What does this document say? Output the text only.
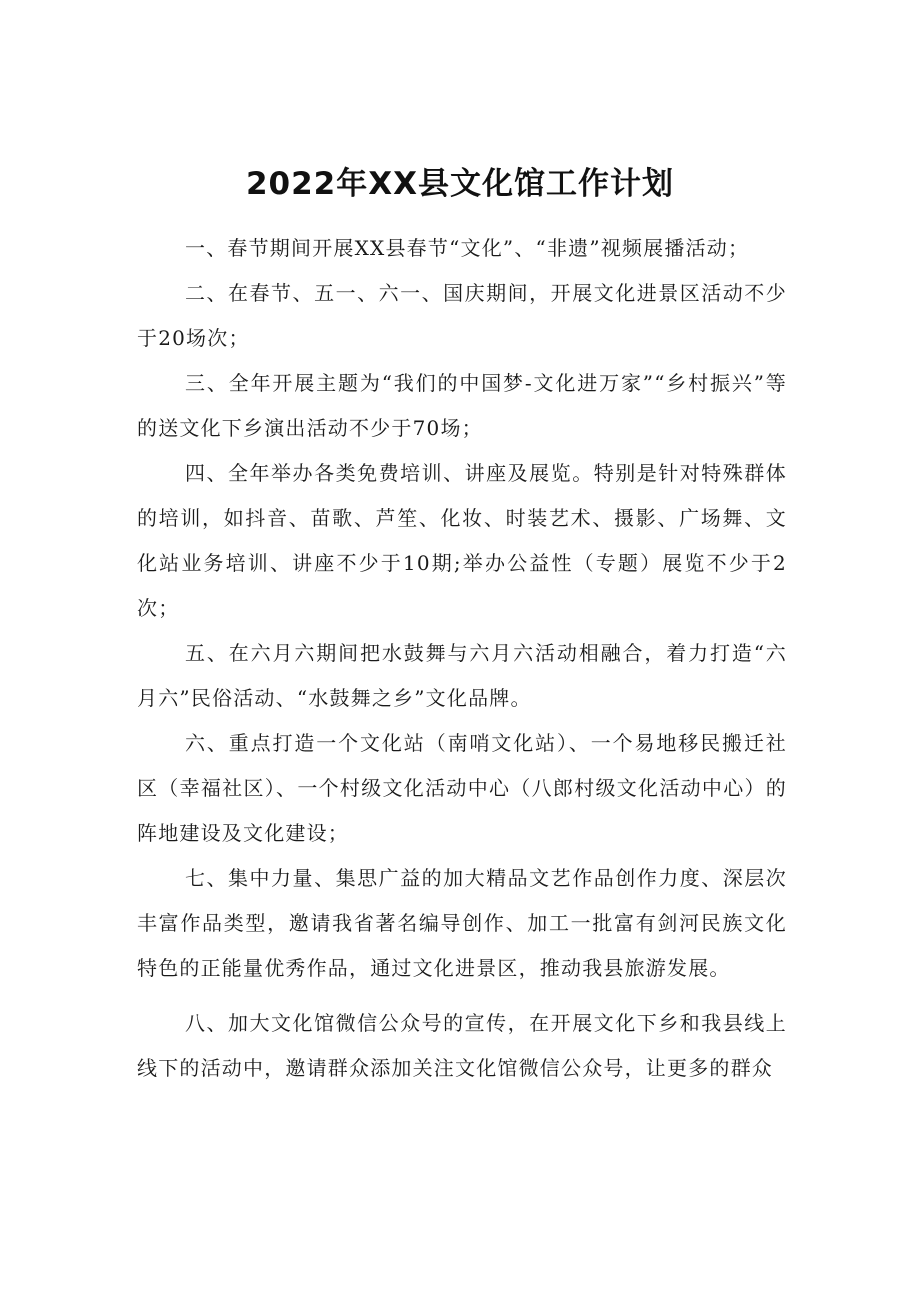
2022年XX县文化馆工作计划

一、春节期间开展XX县春节“文化”、“非遗”视频展播活动；

二、在春节、五一、六一、国庆期间，开展文化进景区活动不少于20场次；

三、全年开展主题为“我们的中国梦-文化进万家”“乡村振兴”等的送文化下乡演出活动不少于70场；

四、全年举办各类免费培训、讲座及展览。特别是针对特殊群体的培训，如抖音、苗歌、芦笙、化妆、时装艺术、摄影、广场舞、文化站业务培训、讲座不少于10期;举办公益性（专题）展览不少于2次；

五、在六月六期间把水鼓舞与六月六活动相融合，着力打造“六月六”民俗活动、“水鼓舞之乡”文化品牌。

六、重点打造一个文化站（南哨文化站）、一个易地移民搬迁社区（幸福社区）、一个村级文化活动中心（八郎村级文化活动中心）的阵地建设及文化建设；

七、集中力量、集思广益的加大精品文艺作品创作力度、深层次丰富作品类型，邀请我省著名编导创作、加工一批富有剑河民族文化特色的正能量优秀作品，通过文化进景区，推动我县旅游发展。

八、加大文化馆微信公众号的宣传，在开展文化下乡和我县线上线下的活动中，邀请群众添加关注文化馆微信公众号，让更多的群众
